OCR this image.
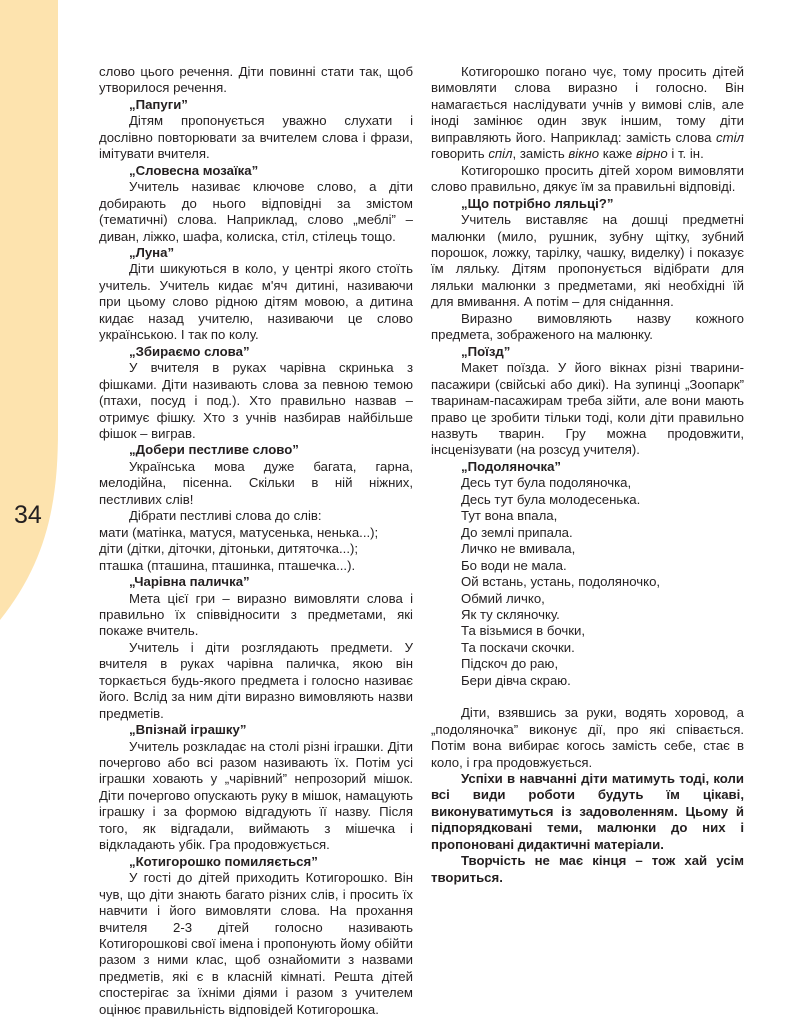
34

слово цього речення. Діти повинні стати так, щоб утворилося речення.

„Папуги”

Дітям пропонується уважно слухати і дослівно повторювати за вчителем слова і фрази, імітувати вчителя.

„Словесна мозаїка”

Учитель називає ключове слово, а діти добирають до нього відповідні за змістом (тематичні) слова. Наприклад, слово „меблі” – диван, ліжко, шафа, колиска, стіл, стілець тощо.

„Луна”

Діти шикуються в коло, у центрі якого стоїть учитель. Учитель кидає м'яч дитині, називаючи при цьому слово рідною дітям мовою, а дитина кидає назад учителю, називаючи це слово українською. І так по колу.

„Збираємо слова”

У вчителя в руках чарівна скринька з фішками. Діти називають слова за певною темою (птахи, посуд і под.). Хто правильно назвав – отримує фішку. Хто з учнів назбирав найбільше фішок – виграв.

„Добери пестливе слово”

Українська мова дуже багата, гарна, мелодійна, пісенна. Скільки в ній ніжних, пестливих слів!

Дібрати пестливі слова до слів:

мати (матінка, матуся, матусенька, ненька...);

діти (дітки, діточки, дітоньки, дитяточка...);

пташка (пташина, пташинка, пташечка...).

„Чарівна паличка”

Мета цієї гри – виразно вимовляти слова і правильно їх співвідносити з предметами, які покаже вчитель.

Учитель і діти розглядають предмети. У вчителя в руках чарівна паличка, якою він торкається будь-якого предмета і голосно називає його. Вслід за ним діти виразно вимовляють назви предметів.

„Впізнай іграшку”

Учитель розкладає на столі різні іграшки. Діти почергово або всі разом називають їх. Потім усі іграшки ховають у „чарівний” непрозорий мішок. Діти почергово опускають руку в мішок, намацують іграшку і за формою відгадують її назву. Після того, як відгадали, виймають з мішечка і відкладають убік. Гра продовжується.

„Котигорошко помиляється”

У гості до дітей приходить Котигорошко. Він чув, що діти знають багато різних слів, і просить їх навчити і його вимовляти слова. На прохання вчителя 2-3 дітей голосно називають Котигорошкові свої імена і пропонують йому обійти разом з ними клас, щоб ознайомити з назвами предметів, які є в класній кімнаті. Решта дітей спостерігає за їхніми діями і разом з учителем оцінює правильність відповідей Котигорошка.

Котигорошко погано чує, тому просить дітей вимовляти слова виразно і голосно. Він намагається наслідувати учнів у вимові слів, але іноді замінює один звук іншим, тому діти виправляють його. Наприклад: замість слова стіл говорить спіл, замість вікно каже вірно і т. ін.

Котигорошко просить дітей хором вимовляти слово правильно, дякує їм за правильні відповіді.

„Що потрібно ляльці?”

Учитель виставляє на дошці предметні малюнки (мило, рушник, зубну щітку, зубний порошок, ложку, тарілку, чашку, виделку) і показує їм ляльку. Дітям пропонується відібрати для ляльки малюнки з предметами, які необхідні їй для вмивання. А потім – для сніданння.

Виразно вимовляють назву кожного предмета, зображеного на малюнку.

„Поїзд”

Макет поїзда. У його вікнах різні тварини-пасажири (свійські або дикі). На зупинці „Зоопарк” тваринам-пасажирам треба зійти, але вони мають право це зробити тільки тоді, коли діти правильно назвуть тварин. Гру можна продовжити, інсценізувати (на розсуд учителя).

„Подоляночка”

Десь тут була подоляночка,

Десь тут була молодесенька.

Тут вона впала,

До землі припала.

Личко не вмивала,

Бо води не мала.

Ой встань, устань, подоляночко,

Обмий личко,

Як ту скляночку.

Та візьмися в бочки,

Та поскачи скочки.

Підскоч до раю,

Бери дівча скраю.

Діти, взявшись за руки, водять хоровод, а „подоляночка” виконує дії, про які співається. Потім вона вибирає когось замість себе, стає в коло, і гра продовжується.

Успіхи в навчанні діти матимуть тоді, коли всі види роботи будуть їм цікаві, виконуватимуться із задоволенням. Цьому й підпорядковані теми, малюнки до них і пропоновані дидактичні матеріали.

Творчість не має кінця – тож хай усім твориться.
